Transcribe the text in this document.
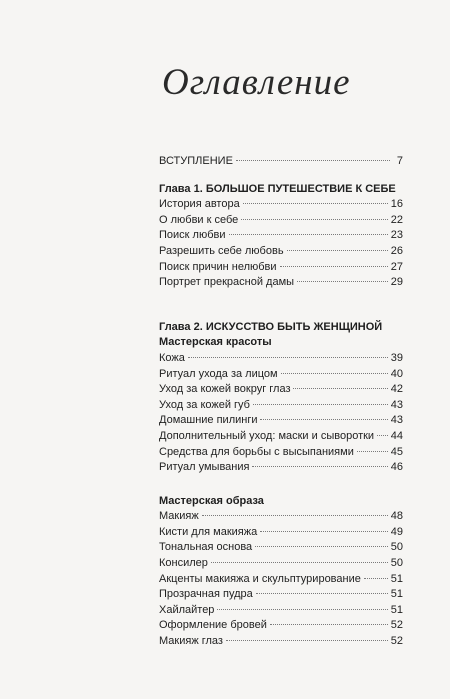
Оглавление
ВСТУПЛЕНИЕ	7
Глава 1. БОЛЬШОЕ ПУТЕШЕСТВИЕ К СЕБЕ
История автора	16
О любви к себе	22
Поиск любви	23
Разрешить себе любовь	26
Поиск причин нелюбви	27
Портрет прекрасной дамы	29
Глава 2. ИСКУССТВО БЫТЬ ЖЕНЩИНОЙ
Мастерская красоты
Кожа	39
Ритуал ухода за лицом	40
Уход за кожей вокруг глаз	42
Уход за кожей губ	43
Домашние пилинги	43
Дополнительный уход: маски и сыворотки 44
Средства для борьбы с высыпаниями	45
Ритуал умывания	46
Мастерская образа
Макияж	48
Кисти для макияжа	49
Тональная основа	50
Консилер	50
Акценты макияжа и скульптурирование	51
Прозрачная пудра	51
Хайлайтер	51
Оформление бровей	52
Макияж глаз	52
